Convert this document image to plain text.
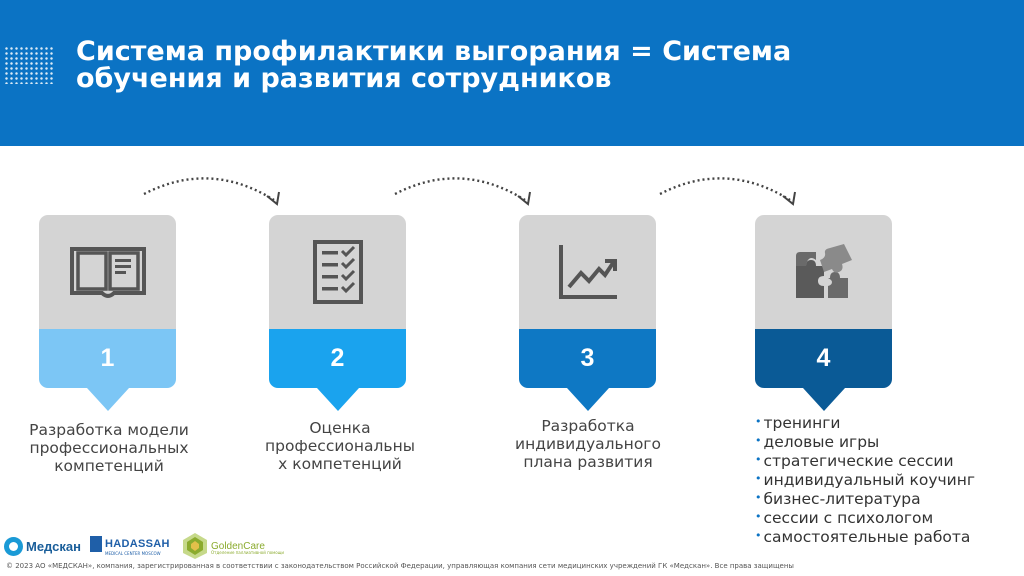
Система профилактики выгорания = Система
обучения и развития сотрудников
1	2	3	4
Разработка модели
профессиональных
компетенций
Оценка
профессиональны
х компетенций
Разработка
индивидуального
плана развития
• тренинги
• деловые игры
• стратегические сессии
• индивидуальный коучинг
• бизнес-литература
• сессии с психологом
• самостоятельные работа
Медскан HADASSAH
MEDICAL CENTER MOSCOW
GoldenCare
Отделение паллиативной помощи
© 2023 АО «МЕДСКАН», компания, зарегистрированная в соответствии с законодательством Российской Федерации, управляющая компания сети медицинских учреждений ГК «Медскан». Все права защищены
